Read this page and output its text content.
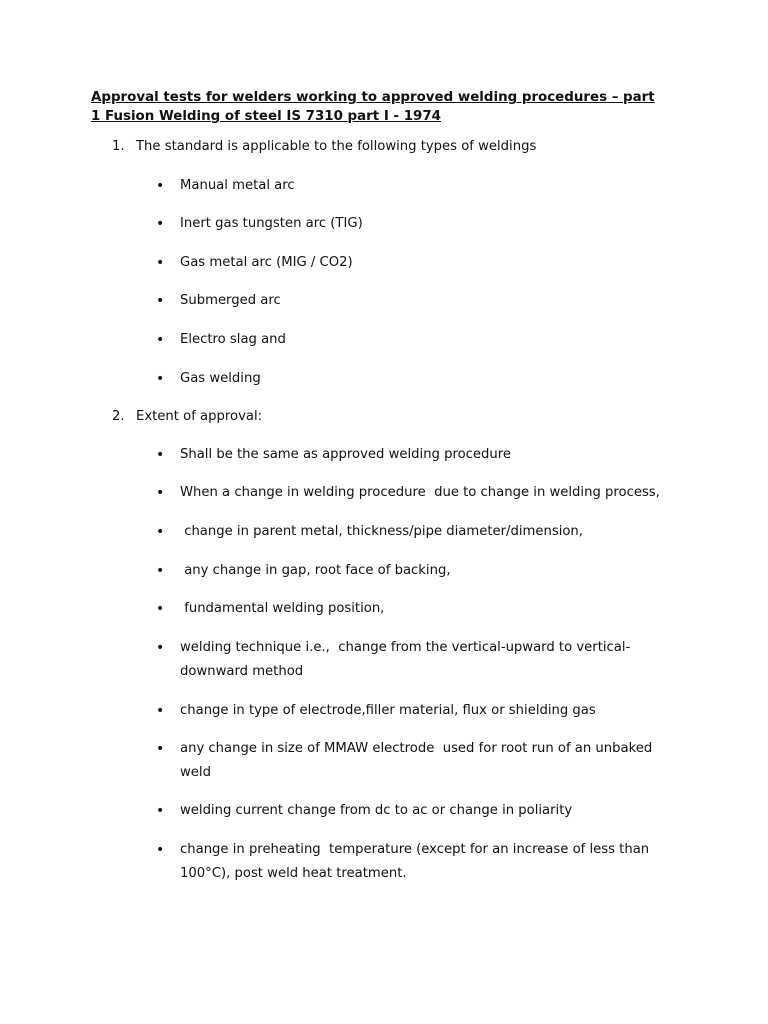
Approval tests for welders working to approved welding procedures – part
1 Fusion Welding of steel IS 7310 part I - 1974
1. The standard is applicable to the following types of weldings
•	Manual metal arc
•	Inert gas tungsten arc (TIG)
•	Gas metal arc (MIG / CO2)
•	Submerged arc
•	Electro slag and
•	Gas welding
2. Extent of approval:
•	Shall be the same as approved welding procedure
•	When a change in welding procedure  due to change in welding process,
•	change in parent metal, thickness/pipe diameter/dimension,
•	any change in gap, root face of backing,
•	fundamental welding position,
•	welding technique i.e.,  change from the vertical-upward to vertical-
downward method
•	change in type of electrode,filler material, flux or shielding gas
•	any change in size of MMAW electrode  used for root run of an unbaked
weld
•	welding current change from dc to ac or change in poliarity
•	change in preheating  temperature (except for an increase of less than
100°C), post weld heat treatment.
